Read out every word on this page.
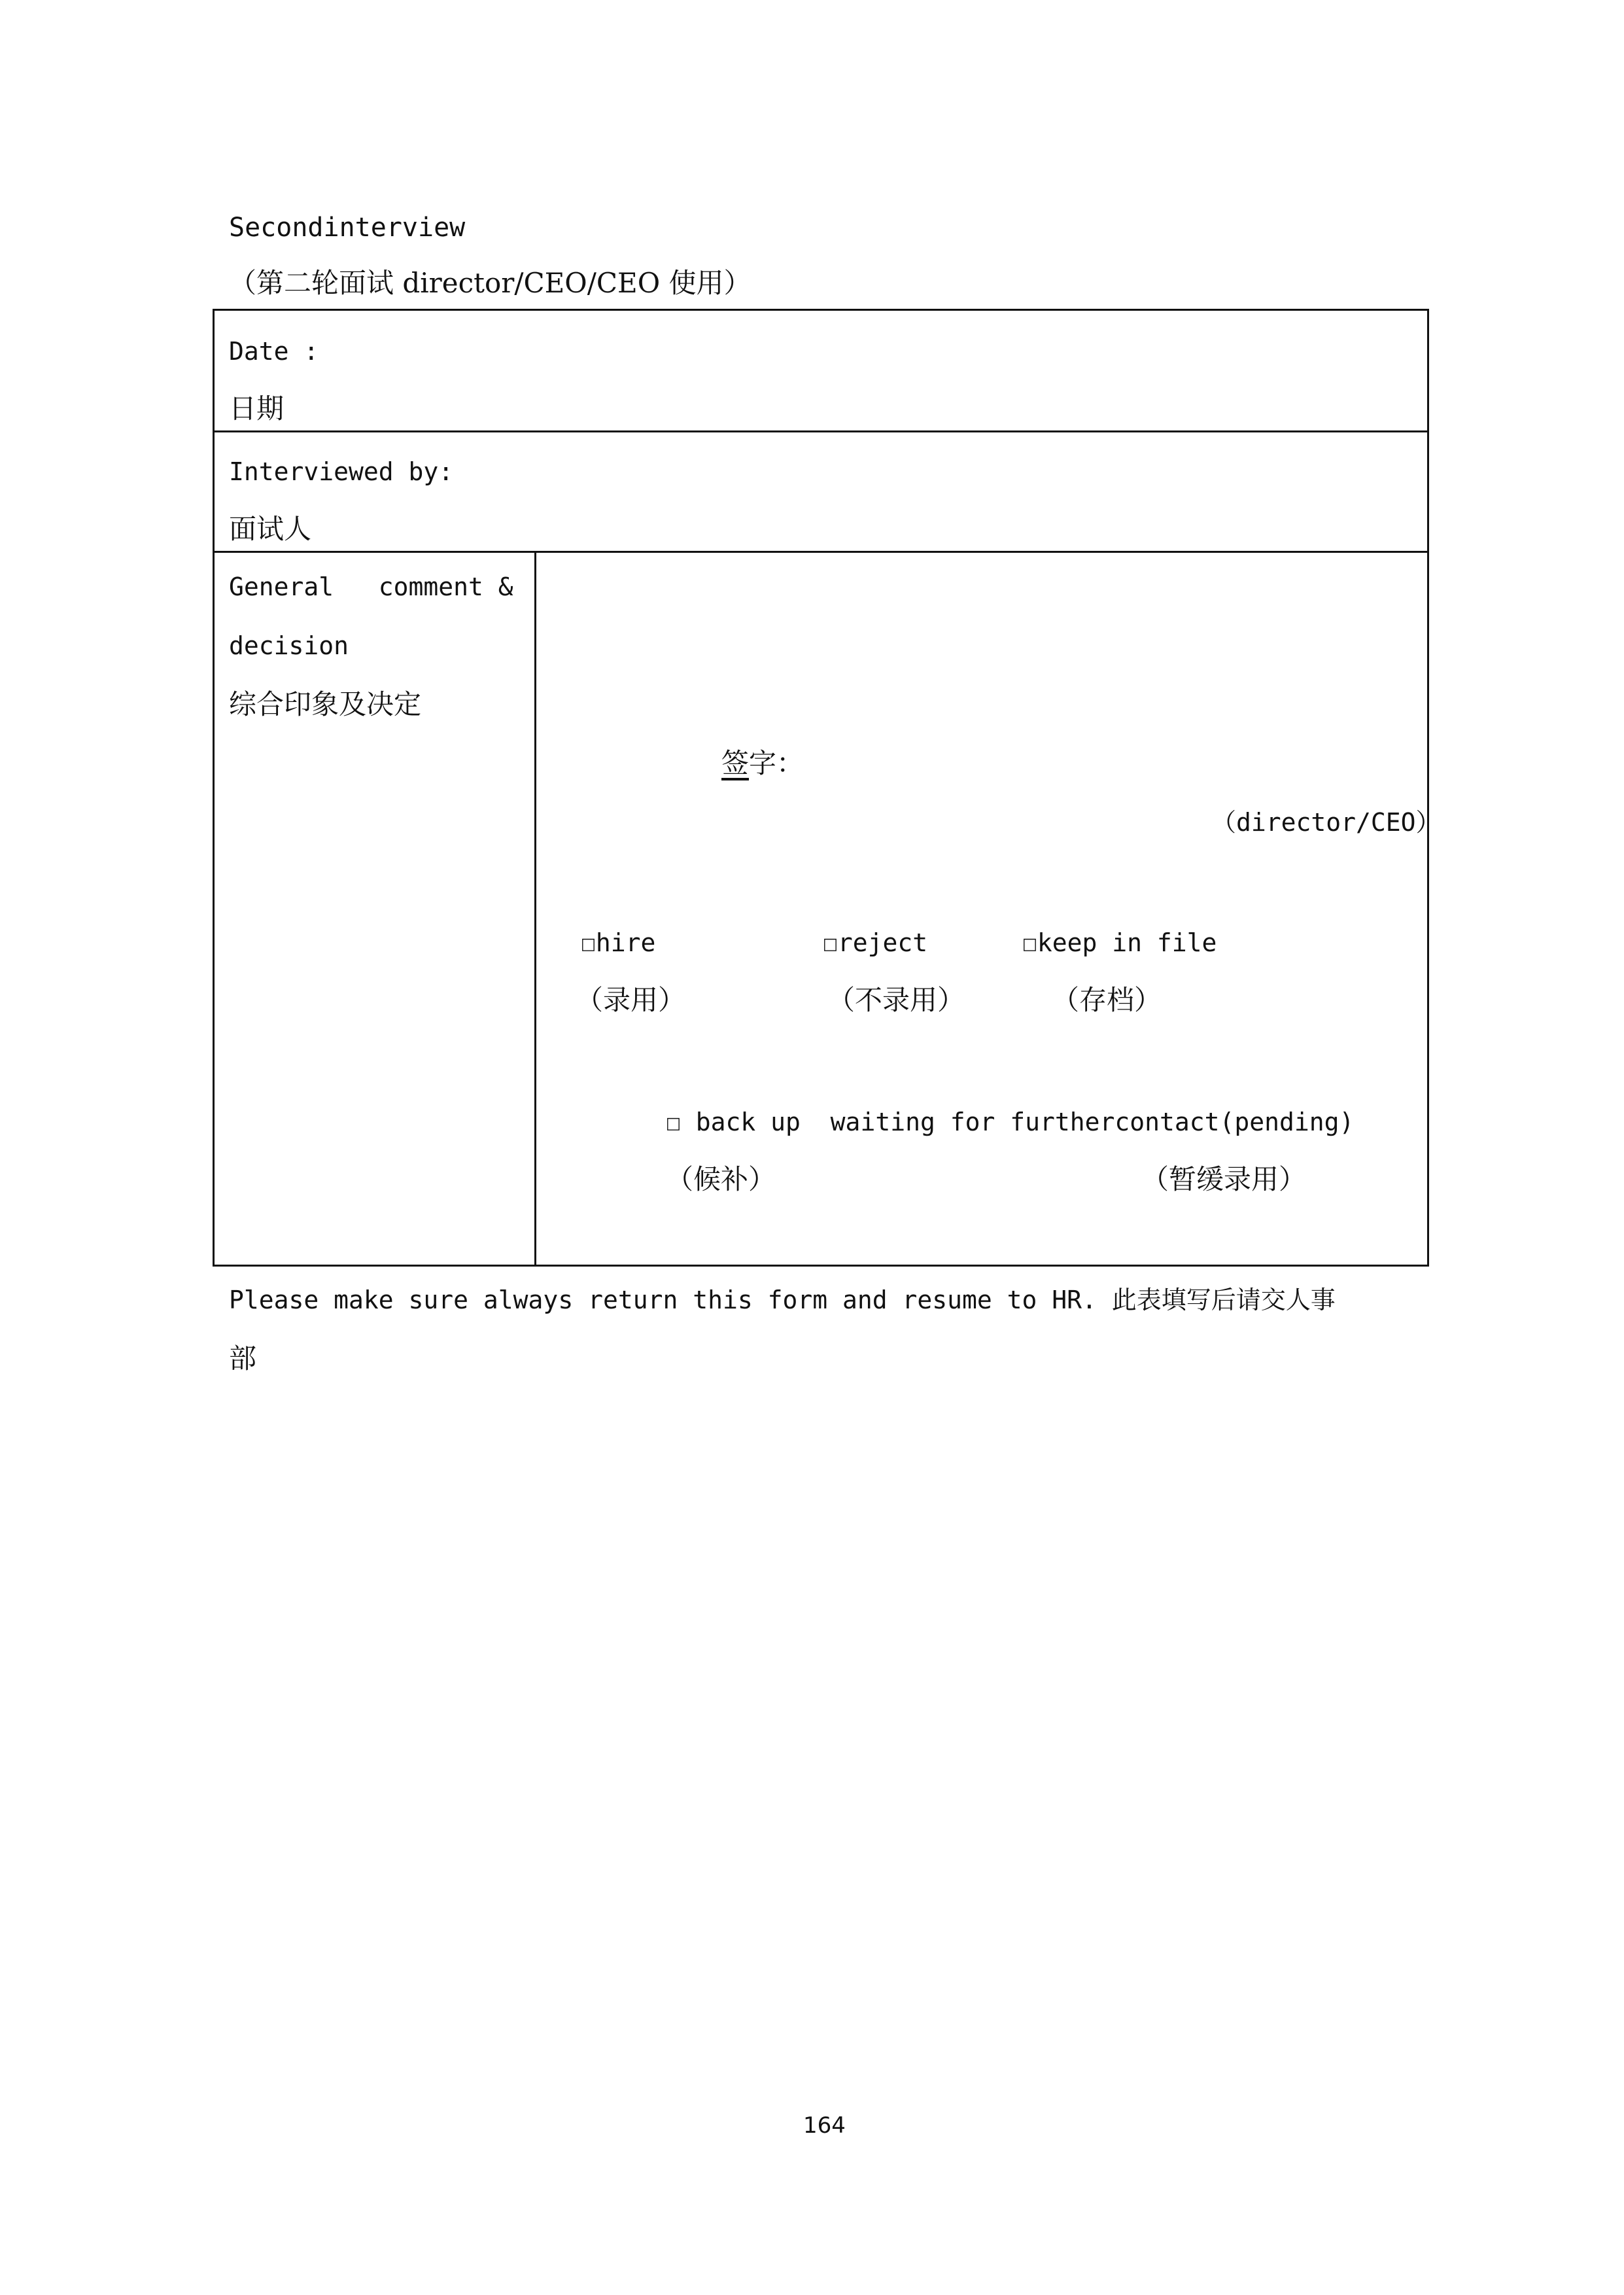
Secondinterview
（第二轮面试 director/CEO/CEO 使用）
Date :
日期
Interviewed by:
面试人
General   comment &
decision
综合印象及决定
签字：
（director/CEO）
☐hire	☐reject	☐keep in file
（录用）	（不录用）	（存档）
☐ back up  waiting for furthercontact(pending)
（候补）	（暂缓录用）
Please make sure always return this form and resume to HR. 此表填写后请交人事
部
164
